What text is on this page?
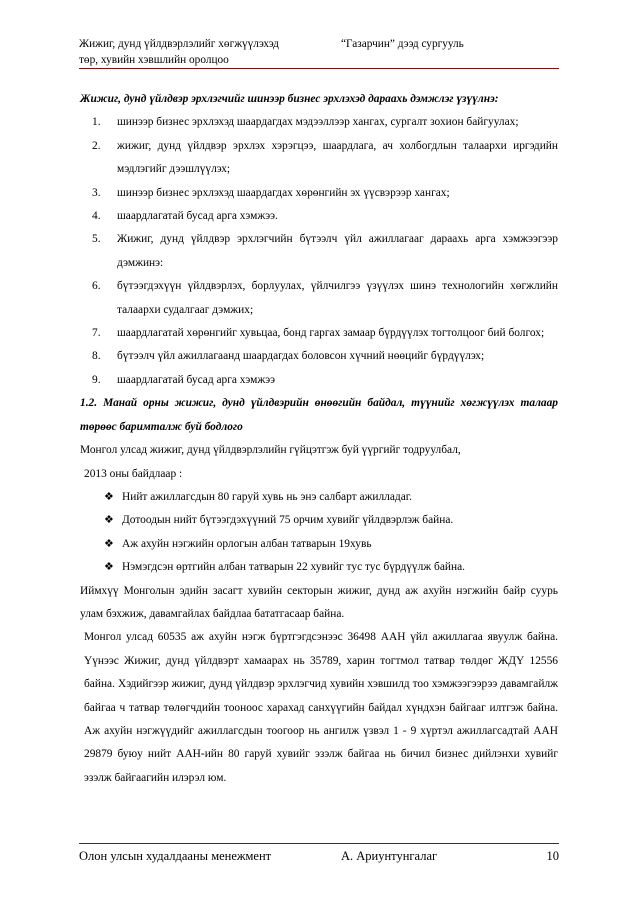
Жижиг, дунд үйлдвэрлэлийг хөгжүүлэхэд
төр, хувийн хэвшлийн оролцоо
“Газарчин” дээд сургууль

Жижиг, дунд үйлдвэр эрхлэгчийг шинээр бизнес эрхлэхэд дараахь дэмжлэг үзүүлнэ:

1. шинээр бизнес эрхлэхэд шаардагдах мэдээллээр хангах, сургалт зохион байгуулах;
2. жижиг, дунд үйлдвэр эрхлэх хэрэгцээ, шаардлага, ач холбогдлын талаархи иргэдийн мэдлэгийг дээшлүүлэх;
3. шинээр бизнес эрхлэхэд шаардагдах хөрөнгийн эх үүсвэрээр хангах;
4. шаардлагатай бусад арга хэмжээ.
5. Жижиг, дунд үйлдвэр эрхлэгчийн бүтээлч үйл ажиллагааг дараахь арга хэмжээгээр дэмжинэ:
6. бүтээгдэхүүн үйлдвэрлэх, борлуулах, үйлчилгээ үзүүлэх шинэ технологийн хөгжлийн талаархи судалгааг дэмжих;
7. шаардлагатай хөрөнгийг хувьцаа, бонд гаргах замаар бүрдүүлэх тогтолцоог бий болгох;
8. бүтээлч үйл ажиллагаанд шаардагдах боловсон хүчний нөөцийг бүрдүүлэх;
9. шаардлагатай бусад арга хэмжээ

1.2. Манай орны жижиг, дунд үйлдвэрийн өнөөгийн байдал, түүнийг хөгжүүлэх талаар төрөөс баримталж буй бодлого

Монгол улсад жижиг, дунд үйлдвэрлэлийн гүйцэтгэж буй үүргийг тодруулбал,

2013 оны байдлаар :

❖ Нийт ажиллагсдын 80 гаруй хувь нь энэ салбарт ажилладаг.
❖ Дотоодын нийт бүтээгдэхүүний 75 орчим хувийг үйлдвэрлэж байна.
❖ Аж ахуйн нэгжийн орлогын албан татварын 19хувь
❖ Нэмэгдсэн өртгийн албан татварын 22 хувийг тус тус бүрдүүлж байна.

Иймхүү Монголын эдийн засагт хувийн секторын жижиг, дунд аж ахуйн нэгжийн байр суурь улам бэхжиж, давамгайлах байдлаа бататгасаар байна.

Монгол улсад 60535 аж ахуйн нэгж бүртгэгдсэнээс 36498 ААН үйл ажиллагаа явуулж байна. Үүнээс Жижиг, дунд үйлдвэрт хамаарах нь 35789, харин тогтмол татвар төлдөг ЖДҮ 12556 байна. Хэдийгээр жижиг, дунд үйлдвэр эрхлэгчид хувийн хэвшилд тоо хэмжээгээрээ давамгайлж байгаа ч татвар төлөгчдийн тооноос харахад санхүүгийн байдал хүндхэн байгааг илтгэж байна. Аж ахуйн нэгжүүдийг ажиллагсдын тоогоор нь ангилж үзвэл 1 - 9 хүртэл ажиллагсадтай ААН 29879 буюу нийт ААН-ийн 80 гаруй хувийг эзэлж байгаа нь бичил бизнес дийлэнхи хувийг эзэлж байгаагийн илэрэл юм.

Олон улсын худалдааны менежмент	А. Ариунтунгалаг	10
